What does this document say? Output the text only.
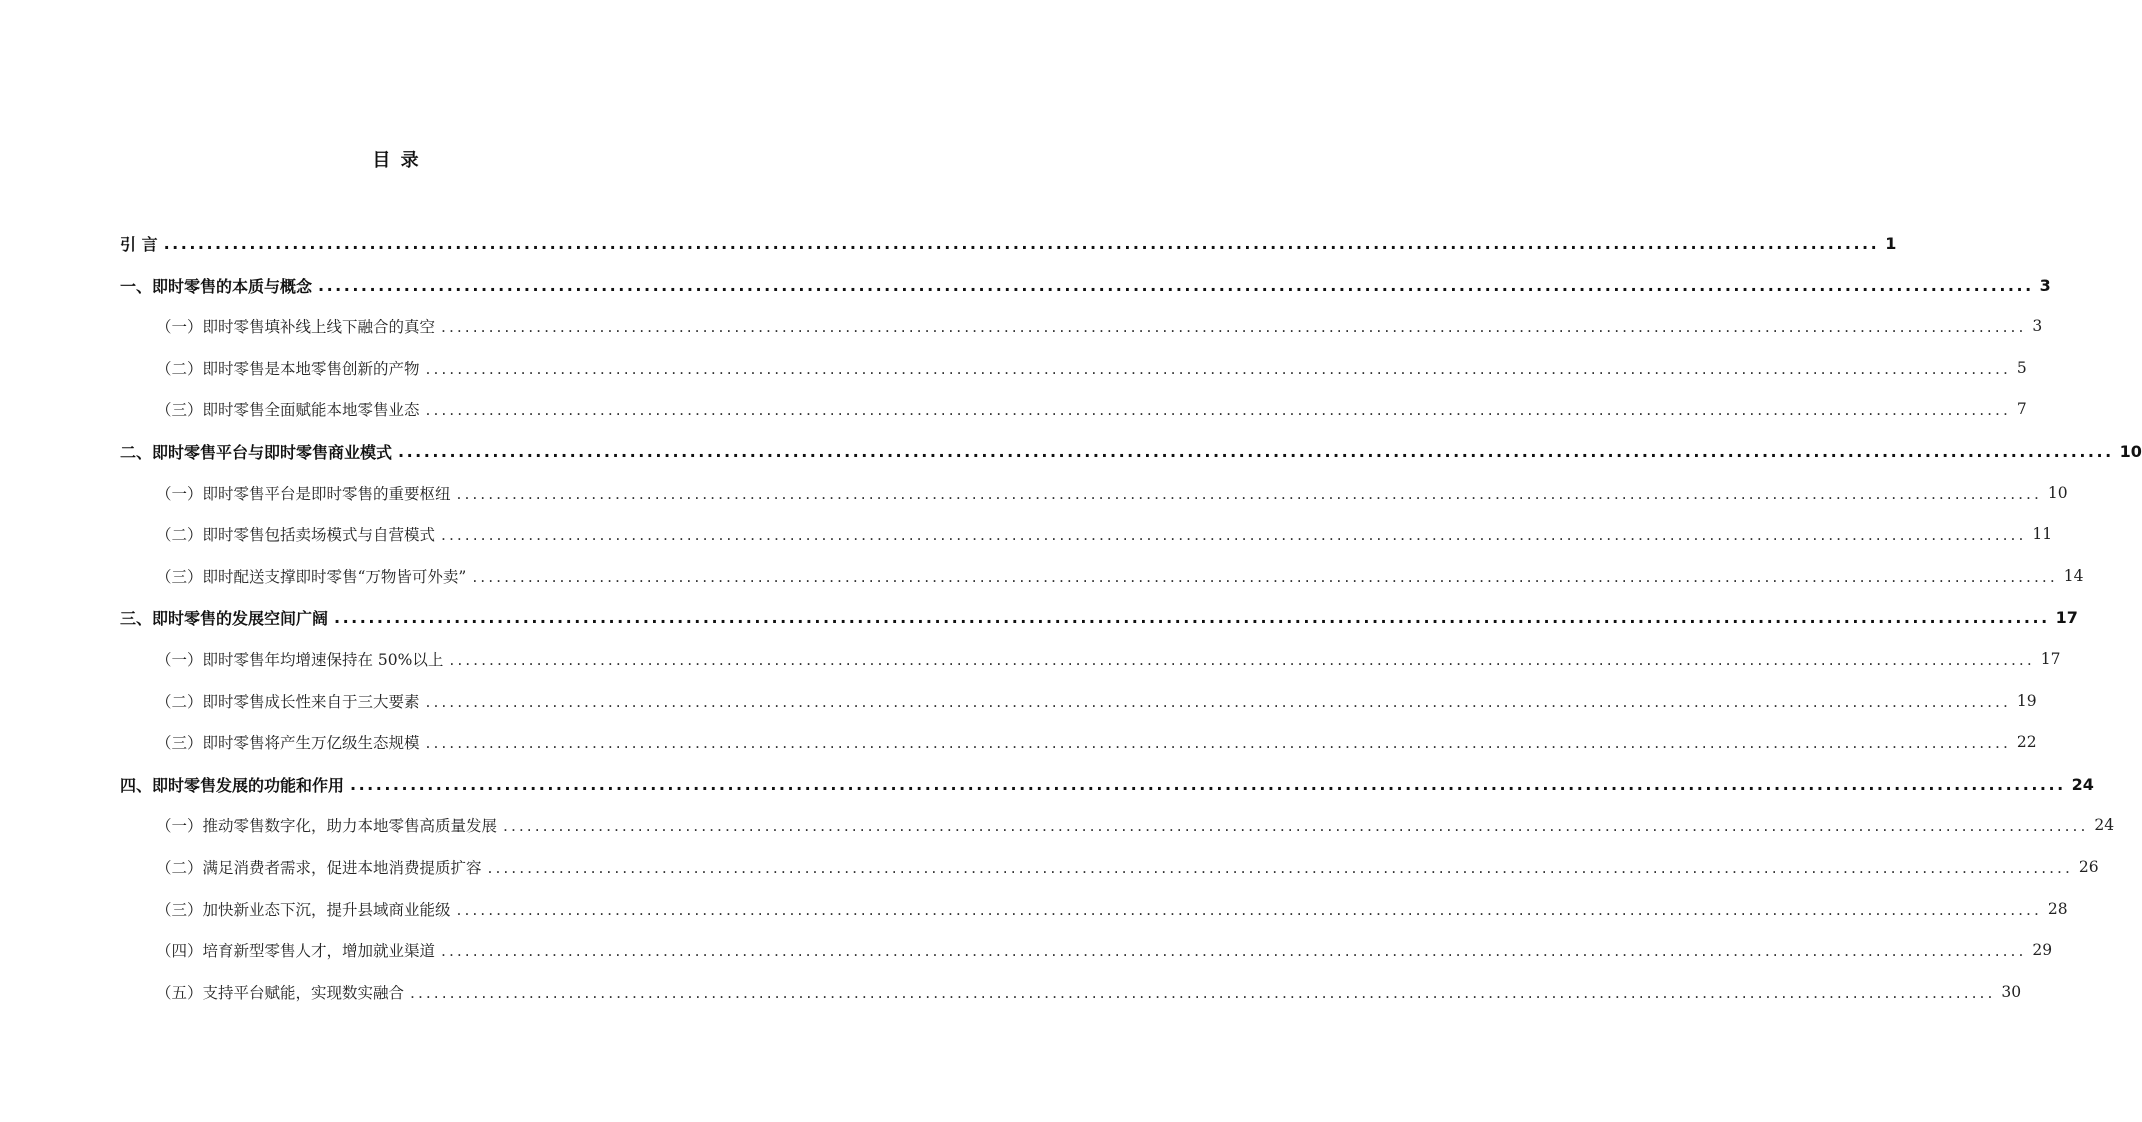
目 录
引 言 ........................................................................................................................................................................................................ 1
一、即时零售的本质与概念 ........................................................................................................................................................................................................ 3
（一）即时零售填补线上线下融合的真空 ........................................................................................................................................................................................................ 3
（二）即时零售是本地零售创新的产物 ........................................................................................................................................................................................................ 5
（三）即时零售全面赋能本地零售业态 ........................................................................................................................................................................................................ 7
二、即时零售平台与即时零售商业模式 ........................................................................................................................................................................................................ 10
（一）即时零售平台是即时零售的重要枢纽 ........................................................................................................................................................................................................ 10
（二）即时零售包括卖场模式与自营模式 ........................................................................................................................................................................................................ 11
（三）即时配送支撑即时零售“万物皆可外卖” ........................................................................................................................................................................................................ 14
三、即时零售的发展空间广阔 ........................................................................................................................................................................................................ 17
（一）即时零售年均增速保持在 50%以上 ........................................................................................................................................................................................................ 17
（二）即时零售成长性来自于三大要素 ........................................................................................................................................................................................................ 19
（三）即时零售将产生万亿级生态规模 ........................................................................................................................................................................................................ 22
四、即时零售发展的功能和作用 ........................................................................................................................................................................................................ 24
（一）推动零售数字化，助力本地零售高质量发展 ........................................................................................................................................................................................................ 24
（二）满足消费者需求，促进本地消费提质扩容 ........................................................................................................................................................................................................ 26
（三）加快新业态下沉，提升县域商业能级 ........................................................................................................................................................................................................ 28
（四）培育新型零售人才，增加就业渠道 ........................................................................................................................................................................................................ 29
（五）支持平台赋能，实现数实融合 ........................................................................................................................................................................................................ 30
